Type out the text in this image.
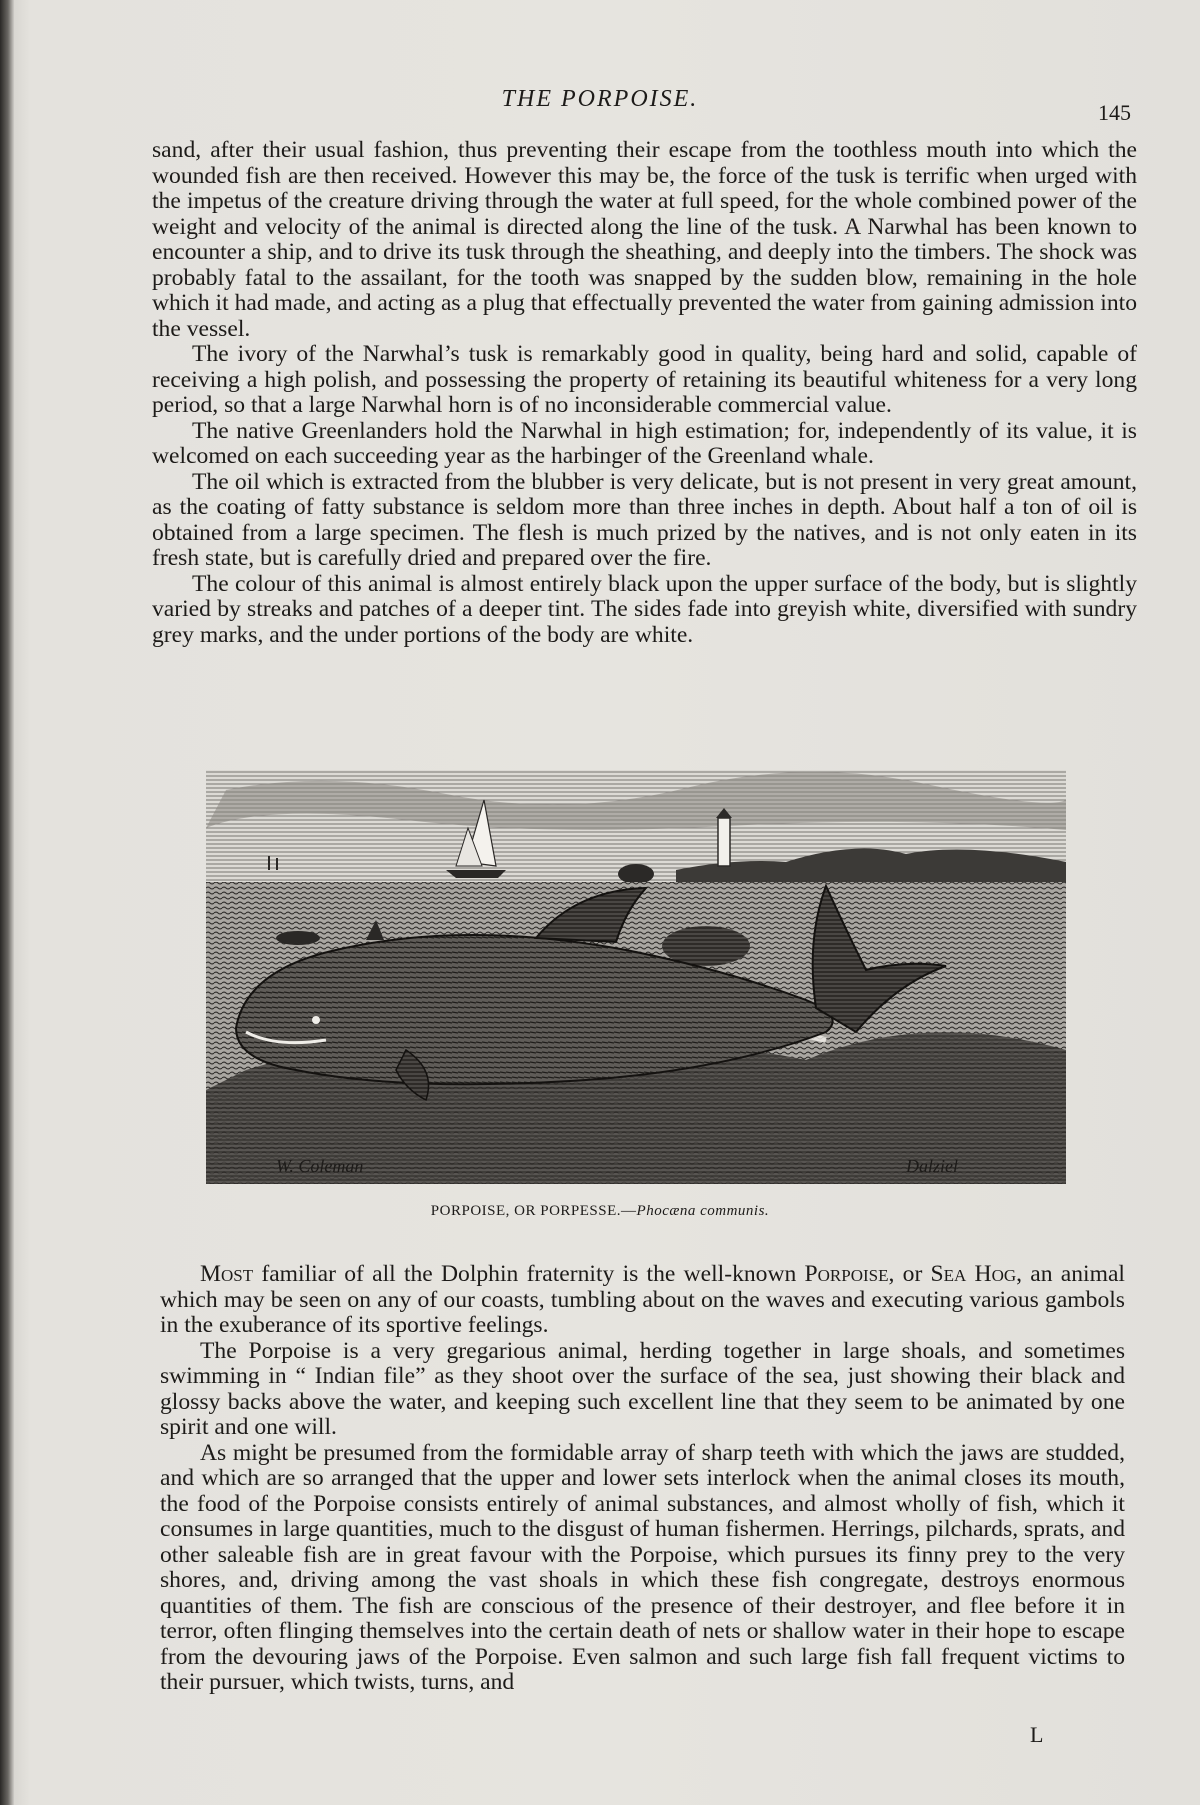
THE PORPOISE.
145

sand, after their usual fashion, thus preventing their escape from the toothless mouth into which the wounded fish are then received. However this may be, the force of the tusk is terrific when urged with the impetus of the creature driving through the water at full speed, for the whole combined power of the weight and velocity of the animal is directed along the line of the tusk. A Narwhal has been known to encounter a ship, and to drive its tusk through the sheathing, and deeply into the timbers. The shock was probably fatal to the assailant, for the tooth was snapped by the sudden blow, remaining in the hole which it had made, and acting as a plug that effectually prevented the water from gaining admission into the vessel.

The ivory of the Narwhal’s tusk is remarkably good in quality, being hard and solid, capable of receiving a high polish, and possessing the property of retaining its beautiful whiteness for a very long period, so that a large Narwhal horn is of no inconsiderable commercial value.

The native Greenlanders hold the Narwhal in high estimation; for, independently of its value, it is welcomed on each succeeding year as the harbinger of the Greenland whale.

The oil which is extracted from the blubber is very delicate, but is not present in very great amount, as the coating of fatty substance is seldom more than three inches in depth. About half a ton of oil is obtained from a large specimen. The flesh is much prized by the natives, and is not only eaten in its fresh state, but is carefully dried and prepared over the fire.

The colour of this animal is almost entirely black upon the upper surface of the body, but is slightly varied by streaks and patches of a deeper tint. The sides fade into greyish white, diversified with sundry grey marks, and the under portions of the body are white.

W. Coleman	Dalziel
PORPOISE, OR PORPESSE.—Phocæna communis.

Most familiar of all the Dolphin fraternity is the well-known Porpoise, or Sea Hog, an animal which may be seen on any of our coasts, tumbling about on the waves and executing various gambols in the exuberance of its sportive feelings.

The Porpoise is a very gregarious animal, herding together in large shoals, and sometimes swimming in “ Indian file” as they shoot over the surface of the sea, just showing their black and glossy backs above the water, and keeping such excellent line that they seem to be animated by one spirit and one will.

As might be presumed from the formidable array of sharp teeth with which the jaws are studded, and which are so arranged that the upper and lower sets interlock when the animal closes its mouth, the food of the Porpoise consists entirely of animal substances, and almost wholly of fish, which it consumes in large quantities, much to the disgust of human fishermen. Herrings, pilchards, sprats, and other saleable fish are in great favour with the Porpoise, which pursues its finny prey to the very shores, and, driving among the vast shoals in which these fish congregate, destroys enormous quantities of them. The fish are conscious of the presence of their destroyer, and flee before it in terror, often flinging themselves into the certain death of nets or shallow water in their hope to escape from the devouring jaws of the Porpoise. Even salmon and such large fish fall frequent victims to their pursuer, which twists, turns, and

L
